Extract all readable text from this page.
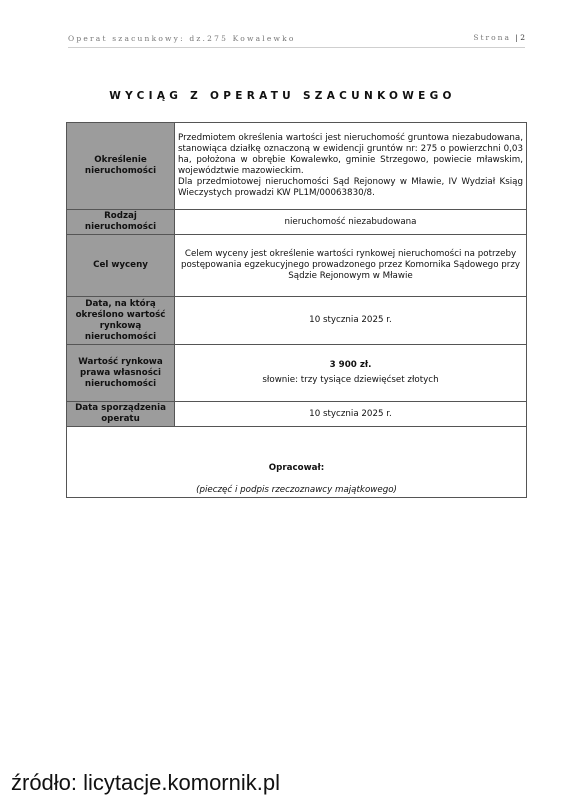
Operat szacunkowy: dz.275 Kowalewko	Strona | 2
WYCIĄG Z OPERATU SZACUNKOWEGO
Określenie nieruchomości	Przedmiotem określenia wartości jest nieruchomość gruntowa niezabudowana, stanowiąca działkę oznaczoną w ewidencji gruntów nr: 275 o powierzchni 0,03 ha, położona w obrębie Kowalewko, gminie Strzegowo, powiecie mławskim, województwie mazowieckim.
Dla przedmiotowej nieruchomości Sąd Rejonowy w Mławie, IV Wydział Ksiąg Wieczystych prowadzi KW PL1M/00063830/8.

Rodzaj nieruchomości	nieruchomość niezabudowana
Cel wyceny	Celem wyceny jest określenie wartości rynkowej nieruchomości na potrzeby postępowania egzekucyjnego prowadzonego przez Komornika Sądowego przy Sądzie Rejonowym w Mławie
Data, na którą określono wartość rynkową nieruchomości	10 stycznia 2025 r.
Wartość rynkowa prawa własności nieruchomości	3 900 zł.
słownie: trzy tysiące dziewięćset złotych

Data sporządzenia operatu	10 stycznia 2025 r.

Opracował:
(pieczęć i podpis rzeczoznawcy majątkowego)	
źródło: licytacje.komornik.pl
